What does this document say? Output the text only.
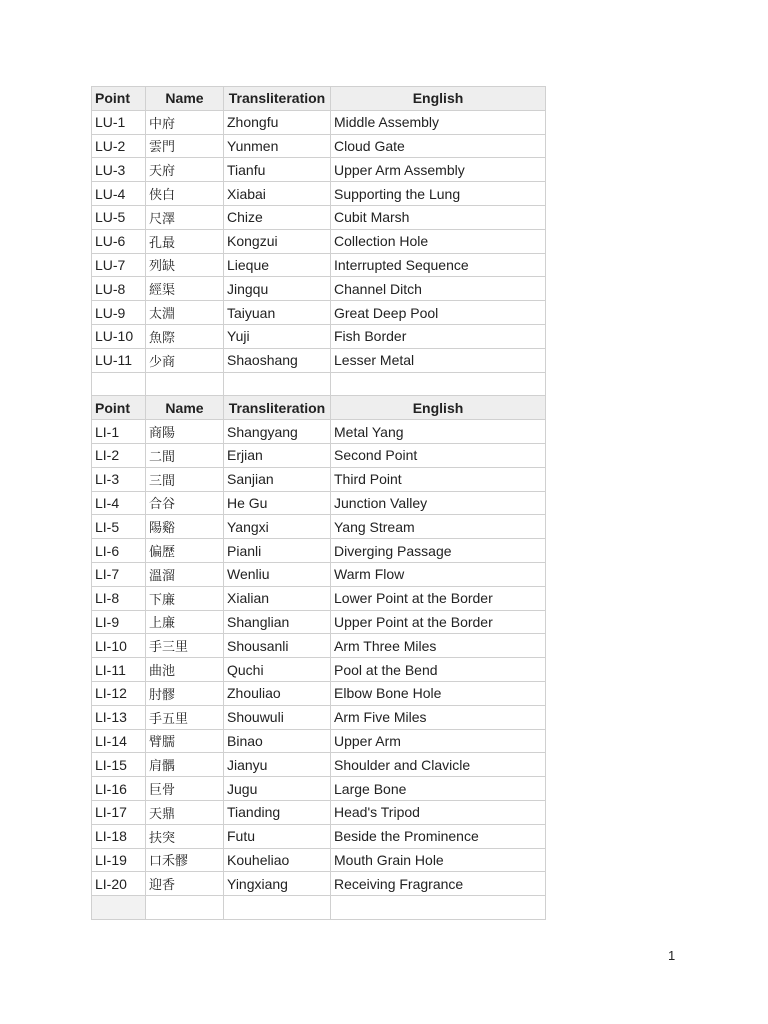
Point	Name	Transliteration	English
LU-1	中府	Zhongfu	Middle Assembly
LU-2	雲門	Yunmen	Cloud Gate
LU-3	天府	Tianfu	Upper Arm Assembly
LU-4	侠白	Xiabai	Supporting the Lung
LU-5	尺澤	Chize	Cubit Marsh
LU-6	孔最	Kongzui	Collection Hole
LU-7	列缺	Lieque	Interrupted Sequence
LU-8	經渠	Jingqu	Channel Ditch
LU-9	太淵	Taiyuan	Great Deep Pool
LU-10	魚際	Yuji	Fish Border
LU-11	少商	Shaoshang	Lesser Metal

Point	Name	Transliteration	English
LI-1	商陽	Shangyang	Metal Yang
LI-2	二間	Erjian	Second Point
LI-3	三間	Sanjian	Third Point
LI-4	合谷	He Gu	Junction Valley
LI-5	陽谿	Yangxi	Yang Stream
LI-6	偏歷	Pianli	Diverging Passage
LI-7	溫溜	Wenliu	Warm Flow
LI-8	下廉	Xialian	Lower Point at the Border
LI-9	上廉	Shanglian	Upper Point at the Border
LI-10	手三里	Shousanli	Arm Three Miles
LI-11	曲池	Quchi	Pool at the Bend
LI-12	肘髎	Zhouliao	Elbow Bone Hole
LI-13	手五里	Shouwuli	Arm Five Miles
LI-14	臂臑	Binao	Upper Arm
LI-15	肩髃	Jianyu	Shoulder and Clavicle
LI-16	巨骨	Jugu	Large Bone
LI-17	天鼎	Tianding	Head's Tripod
LI-18	扶突	Futu	Beside the Prominence
LI-19	口禾髎	Kouheliao	Mouth Grain Hole
LI-20	迎香	Yingxiang	Receiving Fragrance

1
